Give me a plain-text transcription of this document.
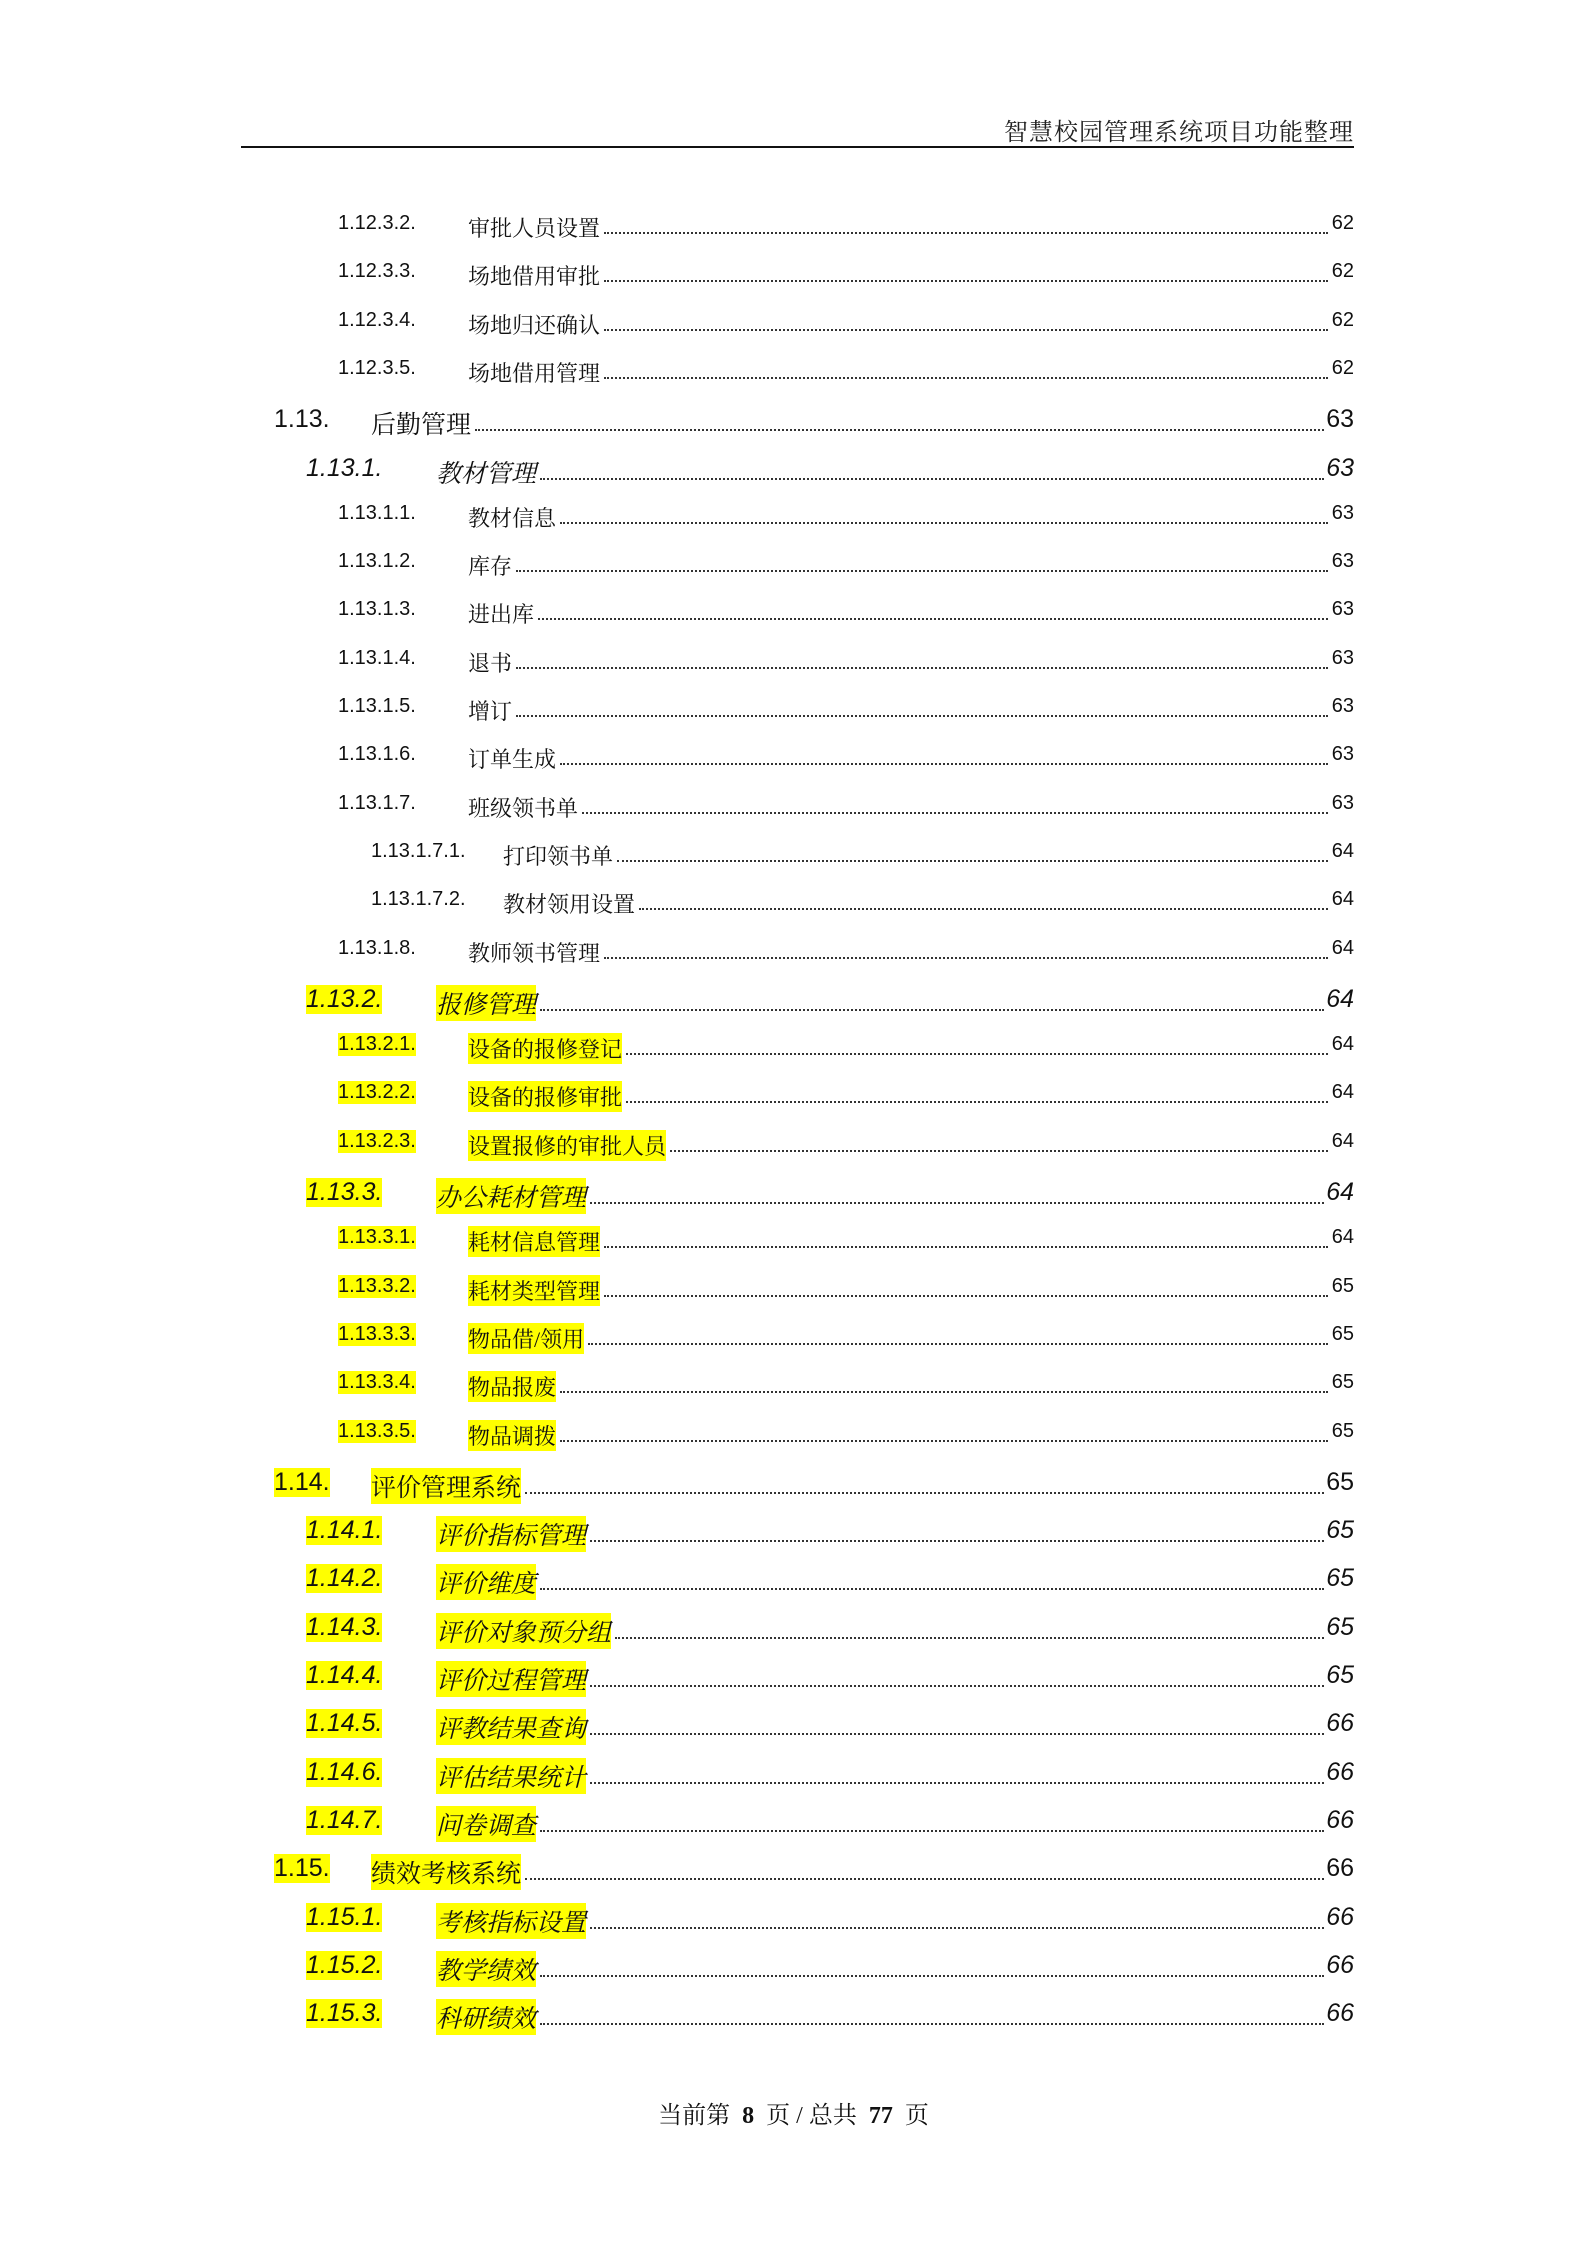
智慧校园管理系统项目功能整理
1.12.3.2. 审批人员设置	62
1.12.3.3. 场地借用审批	62
1.12.3.4. 场地归还确认	62
1.12.3.5. 场地借用管理	62
1.13. 后勤管理	63
1.13.1. 教材管理	63
1.13.1.1. 教材信息	63
1.13.1.2. 库存	63
1.13.1.3. 进出库	63
1.13.1.4. 退书	63
1.13.1.5. 增订	63
1.13.1.6. 订单生成	63
1.13.1.7. 班级领书单	63
1.13.1.7.1. 打印领书单	64
1.13.1.7.2. 教材领用设置	64
1.13.1.8. 教师领书管理	64
1.13.2. 报修管理	64
1.13.2.1. 设备的报修登记	64
1.13.2.2. 设备的报修审批	64
1.13.2.3. 设置报修的审批人员	64
1.13.3. 办公耗材管理	64
1.13.3.1. 耗材信息管理	64
1.13.3.2. 耗材类型管理	65
1.13.3.3. 物品借/领用	65
1.13.3.4. 物品报废	65
1.13.3.5. 物品调拨	65
1.14. 评价管理系统	65
1.14.1. 评价指标管理	65
1.14.2. 评价维度	65
1.14.3. 评价对象预分组	65
1.14.4. 评价过程管理	65
1.14.5. 评教结果查询	66
1.14.6. 评估结果统计	66
1.14.7. 问卷调查	66
1.15. 绩效考核系统	66
1.15.1. 考核指标设置	66
1.15.2. 教学绩效	66
1.15.3. 科研绩效	66
当前第 8 页 / 总共 77 页
